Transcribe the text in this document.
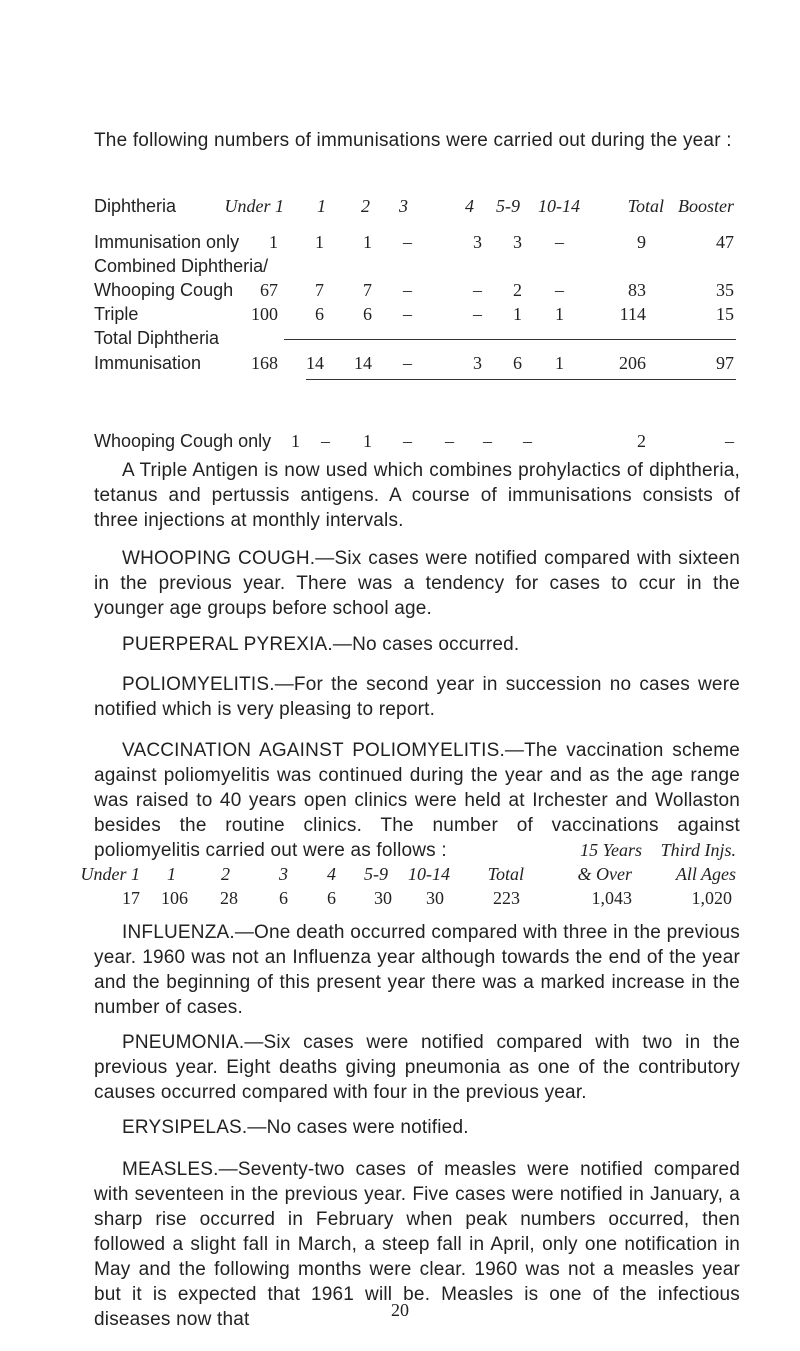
The following numbers of immunisations were carried out during the year :
Diphtheria	Under 1 1 2 3	4 5-9 10-14	Total Booster
Immunisation only 1 1 1 –	3 3 –	9	47
Combined Diphtheria/
Whooping Cough 67 7 7 –	– 2 –	83	35
Triple	100 6 6 –	– 1 1	114	15
Total Diphtheria
Immunisation	168 14 14 –	3 6 1	206	97
Whooping Cough only 1 – 1 – – – –	2	–
A Triple Antigen is now used which combines prohylactics of diphtheria, tetanus and pertussis antigens. A course of immunisations consists of three injections at monthly intervals.
WHOOPING COUGH.—Six cases were notified compared with sixteen in the previous year. There was a tendency for cases to ccur in the younger age groups before school age.
PUERPERAL PYREXIA.—No cases occurred.
POLIOMYELITIS.—For the second year in succession no cases were notified which is very pleasing to report.
VACCINATION AGAINST POLIOMYELITIS.—The vaccination scheme against poliomyelitis was continued during the year and as the age range was raised to 40 years open clinics were held at Irchester and Wollaston besides the routine clinics. The number of vaccinations against poliomyelitis carried out were as follows :	15 Years Third Injs.
Under 1 1	2	3 4 5-9 10-14 Total	& Over All Ages
17 106 28 6 6 30 30	223	1,043	1,020
INFLUENZA.—One death occurred compared with three in the previous year. 1960 was not an Influenza year although towards the end of the year and the beginning of this present year there was a marked increase in the number of cases.
PNEUMONIA.—Six cases were notified compared with two in the previous year. Eight deaths giving pneumonia as one of the contributory causes occurred compared with four in the previous year.
ERYSIPELAS.—No cases were notified.
MEASLES.—Seventy-two cases of measles were notified compared with seventeen in the previous year. Five cases were notified in January, a sharp rise occurred in February when peak numbers occurred, then followed a slight fall in March, a steep fall in April, only one notification in May and the following months were clear. 1960 was not a measles year but it is expected that 1961 will be. Measles is one of the infectious diseases now that	20
